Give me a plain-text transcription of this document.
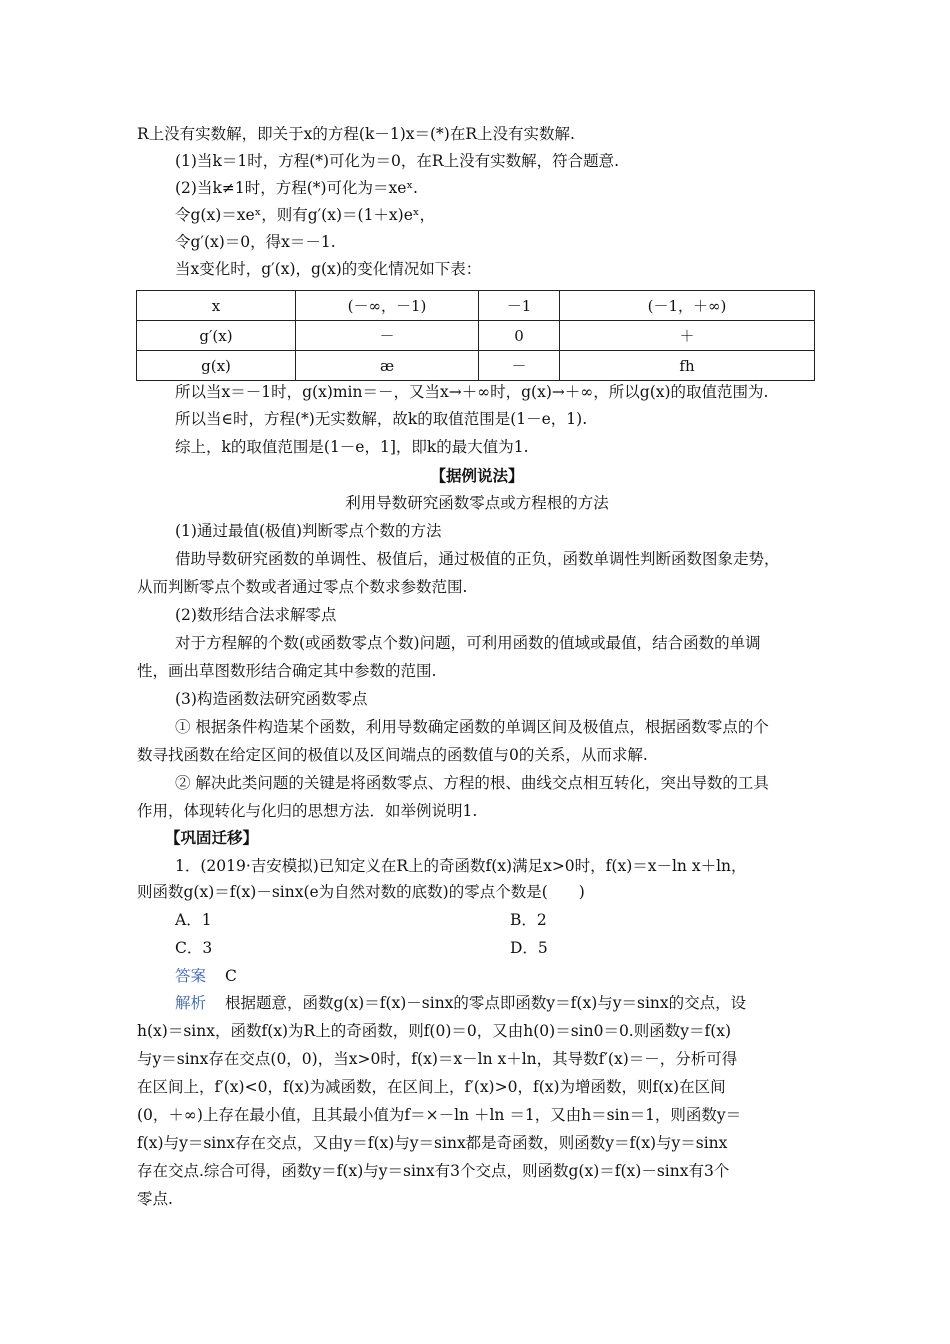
R上没有实数解，即关于x的方程(k－1)x＝(*)在R上没有实数解.
(1)当k＝1时，方程(*)可化为＝0，在R上没有实数解，符合题意.
(2)当k≠1时，方程(*)可化为＝xeˣ.
令g(x)＝xeˣ，则有g′(x)＝(1＋x)eˣ，
令g′(x)＝0，得x＝－1.
当x变化时，g′(x)，g(x)的变化情况如下表：
x	(－∞，－1)	－1	(－1，＋∞)
g′(x)	－	0	＋
g(x)	æ	－	fh
所以当x＝－1时，g(x)min＝－，又当x→＋∞时，g(x)→＋∞，所以g(x)的取值范围为.
所以当∈时，方程(*)无实数解，故k的取值范围是(1－e，1).
综上，k的取值范围是(1－e，1]，即k的最大值为1.
【据例说法】
利用导数研究函数零点或方程根的方法
(1)通过最值(极值)判断零点个数的方法
借助导数研究函数的单调性、极值后，通过极值的正负，函数单调性判断函数图象走势，
从而判断零点个数或者通过零点个数求参数范围.
(2)数形结合法求解零点
对于方程解的个数(或函数零点个数)问题，可利用函数的值域或最值，结合函数的单调
性，画出草图数形结合确定其中参数的范围.
(3)构造函数法研究函数零点
① 根据条件构造某个函数，利用导数确定函数的单调区间及极值点，根据函数零点的个
数寻找函数在给定区间的极值以及区间端点的函数值与0的关系，从而求解.
② 解决此类问题的关键是将函数零点、方程的根、曲线交点相互转化，突出导数的工具
作用，体现转化与化归的思想方法．如举例说明1.
【巩固迁移】
1．(2019·吉安模拟)已知定义在R上的奇函数f(x)满足x>0时，f(x)＝x－ln x＋ln，
则函数g(x)＝f(x)－sinx(e为自然对数的底数)的零点个数是(　　)
A．1	B．2
C．3	D．5
答案 C
解析 根据题意，函数g(x)＝f(x)－sinx的零点即函数y＝f(x)与y＝sinx的交点，设
h(x)＝sinx，函数f(x)为R上的奇函数，则f(0)＝0，又由h(0)＝sin0＝0.则函数y＝f(x)
与y＝sinx存在交点(0，0)，当x>0时，f(x)＝x－ln x＋ln，其导数f′(x)＝－，分析可得
在区间上，f′(x)<0，f(x)为减函数，在区间上，f′(x)>0，f(x)为增函数，则f(x)在区间
(0，＋∞)上存在最小值，且其最小值为f＝×－ln ＋ln ＝1，又由h＝sin＝1，则函数y＝
f(x)与y＝sinx存在交点，又由y＝f(x)与y＝sinx都是奇函数，则函数y＝f(x)与y＝sinx
存在交点.综合可得，函数y＝f(x)与y＝sinx有3个交点，则函数g(x)＝f(x)－sinx有3个
零点.
